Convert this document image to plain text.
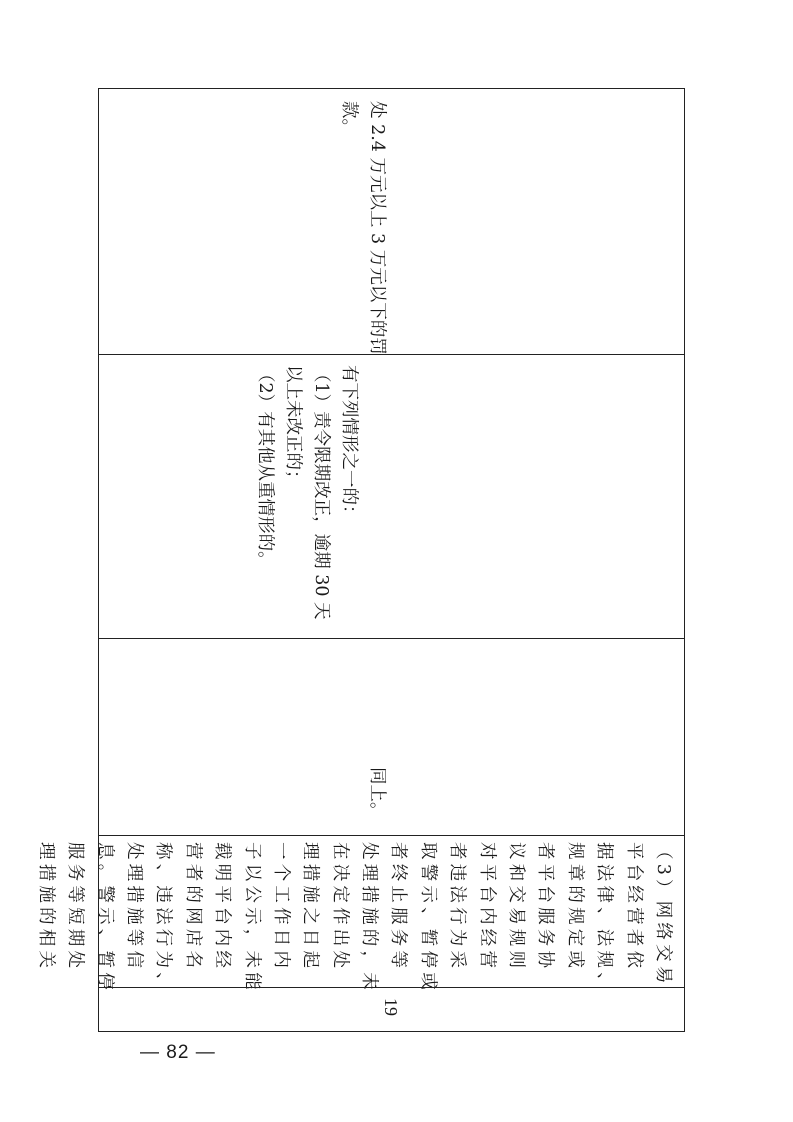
处 2.4 万元以上 3 万元以下的罚
款。
有下列情形之一的：
（1）责令限期改正，逾期 30 天
以上未改正的；
（2）有其他从重情形的。
同上。
（3）网络交易
平台经营者依
据法律、法规、
规章的规定或
者平台服务协
议和交易规则
对平台内经营
者违法行为采
取警示、暂停或
者终止服务等
处理措施的，未
在决定作出处
理措施之日起
一个工作日内
子以公示，未能
载明平台内经
营者的网店名
称、违法行为、
处理措施等信
息。警示、暂停
服务等短期处
理措施的相关
19
— 82 —
